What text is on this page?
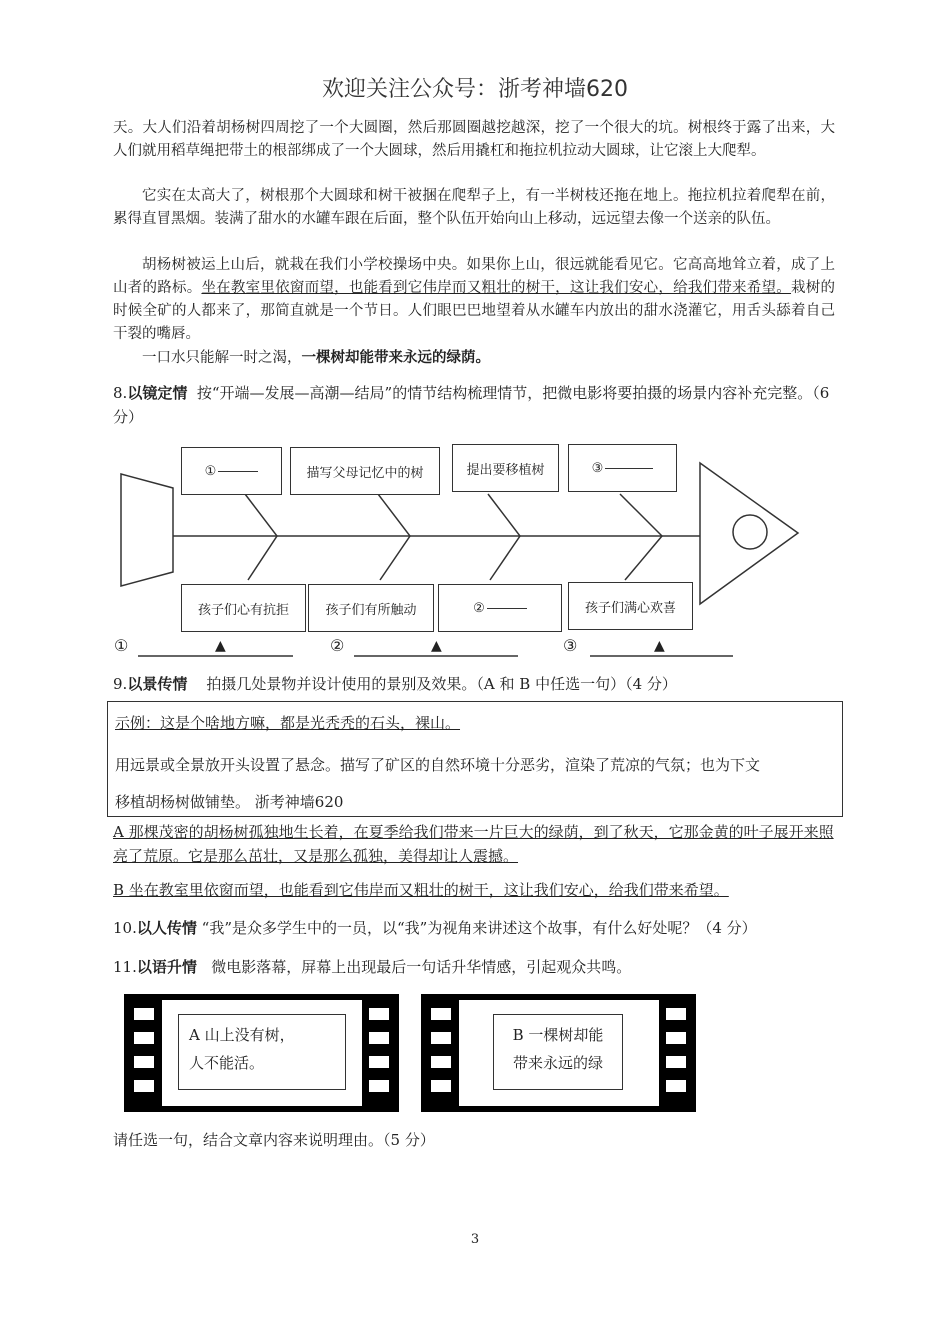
欢迎关注公众号：浙考神墙620

天。大人们沿着胡杨树四周挖了一个大圆圈，然后那圆圈越挖越深，挖了一个很大的坑。树根终于露了出来，大人们就用稻草绳把带土的根部绑成了一个大圆球，然后用撬杠和拖拉机拉动大圆球，让它滚上大爬犁。

它实在太高大了，树根那个大圆球和树干被捆在爬犁子上，有一半树枝还拖在地上。拖拉机拉着爬犁在前，累得直冒黑烟。装满了甜水的水罐车跟在后面，整个队伍开始向山上移动，远远望去像一个送亲的队伍。

胡杨树被运上山后，就栽在我们小学校操场中央。如果你上山，很远就能看见它。它高高地耸立着，成了上山者的路标。坐在教室里依窗而望，也能看到它伟岸而又粗壮的树干，这让我们安心，给我们带来希望。栽树的时候全矿的人都来了，那简直就是一个节日。人们眼巴巴地望着从水罐车内放出的甜水浇灌它，用舌头舔着自己干裂的嘴唇。

一口水只能解一时之渴，一棵树却能带来永远的绿荫。

8.以镜定情 按“开端—发展—高潮—结局”的情节结构梳理情节，把微电影将要拍摄的场景内容补充完整。（6 分）

①	描写父母记忆中的树	提出要移植树	③
孩子们心有抗拒	孩子们有所触动	②	孩子们满心欢喜
①	②	③
▲	▲	▲

9.以景传情 拍摄几处景物并设计使用的景别及效果。（A 和 B 中任选一句）（4 分）

示例：这是个啥地方嘛，都是光秃秃的石头，裸山。
用远景或全景放开头设置了悬念。描写了矿区的自然环境十分恶劣，渲染了荒凉的气氛；也为下文
移植胡杨树做铺垫。 浙考神墙620

A 那棵茂密的胡杨树孤独地生长着，在夏季给我们带来一片巨大的绿荫，到了秋天，它那金黄的叶子展开来照亮了荒原。它是那么茁壮，又是那么孤独，美得却让人震撼。

B 坐在教室里依窗而望，也能看到它伟岸而又粗壮的树干，这让我们安心，给我们带来希望。

10.以人传情 “我”是众多学生中的一员，以“我”为视角来讲述这个故事，有什么好处呢？（4 分）

11.以语升情 微电影落幕，屏幕上出现最后一句话升华情感，引起观众共鸣。

A 山上没有树，
人不能活。
B 一棵树却能
带来永远的绿

请任选一句，结合文章内容来说明理由。（5 分）

3
